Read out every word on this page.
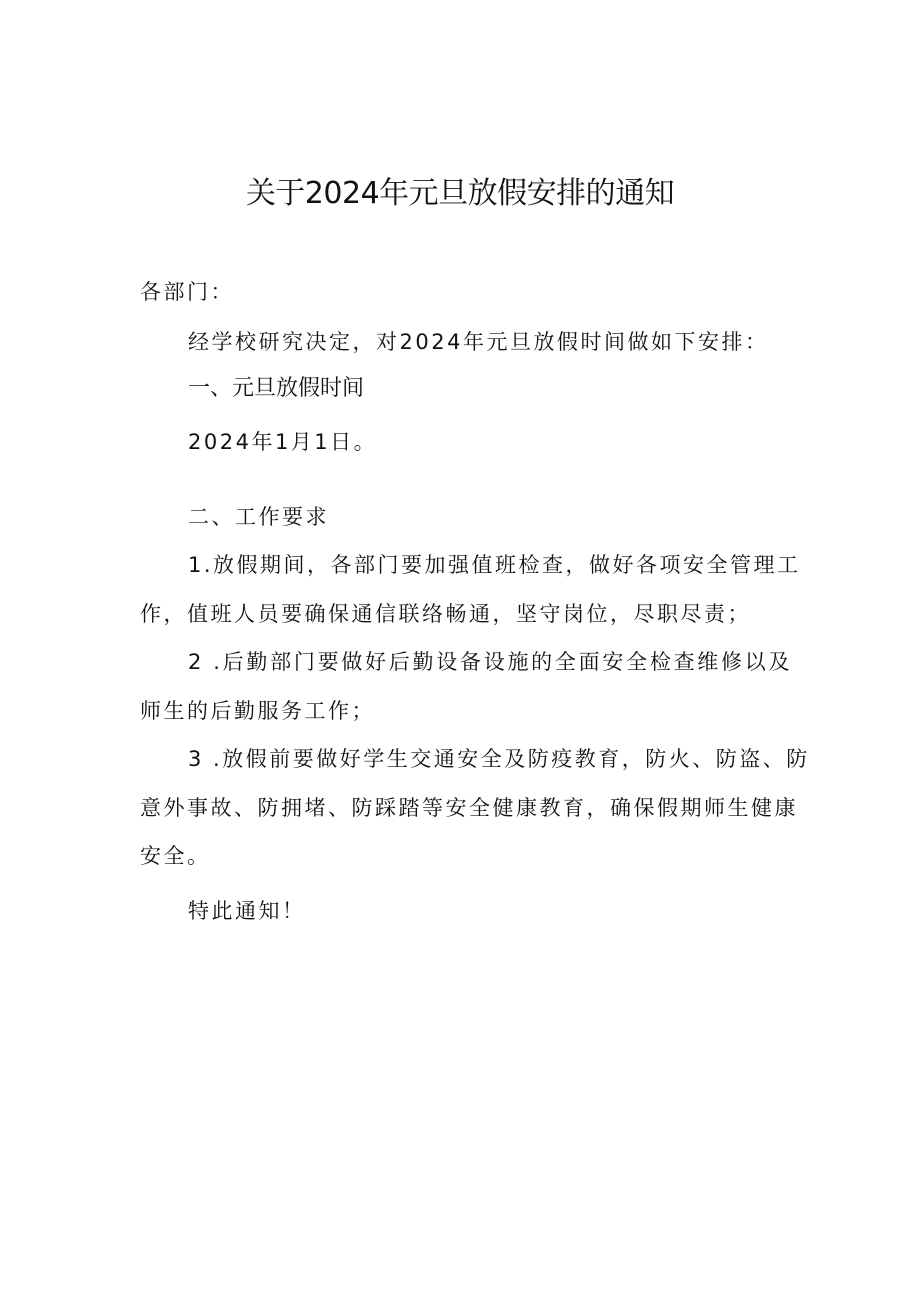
关于2024年元旦放假安排的通知
各部门：
经学校研究决定，对2024年元旦放假时间做如下安排：
一、元旦放假时间
2024年1月1日。
二、工作要求
1.放假期间，各部门要加强值班检查，做好各项安全管理工
作，值班人员要确保通信联络畅通，坚守岗位，尽职尽责；
2 .后勤部门要做好后勤设备设施的全面安全检查维修以及
师生的后勤服务工作；
3 .放假前要做好学生交通安全及防疫教育，防火、防盗、防
意外事故、防拥堵、防踩踏等安全健康教育，确保假期师生健康
安全。
特此通知！
